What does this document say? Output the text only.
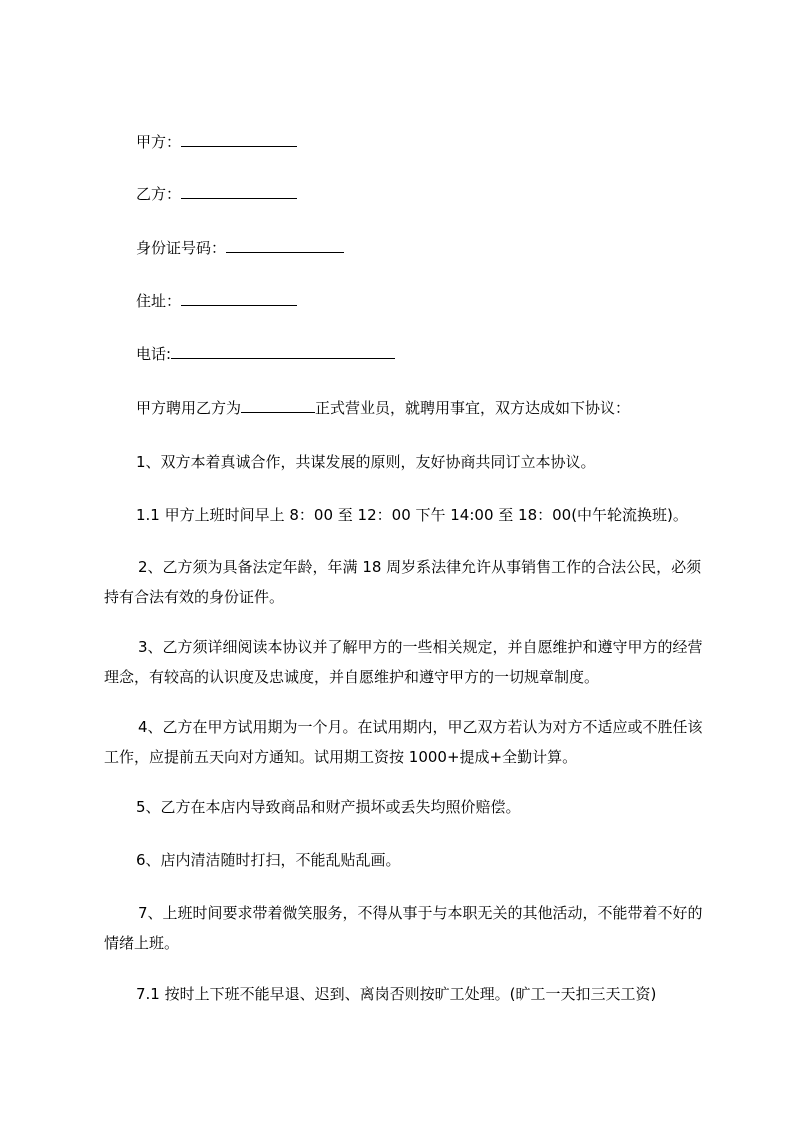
甲方：
乙方：
身份证号码：
住址：
电话:
甲方聘用乙方为	正式营业员，就聘用事宜，双方达成如下协议：
1、双方本着真诚合作，共谋发展的原则，友好协商共同订立本协议。
1.1 甲方上班时间早上 8：00 至 12：00 下午 14:00 至 18：00(中午轮流换班)。
2、乙方须为具备法定年龄，年满 18 周岁系法律允许从事销售工作的合法公民，必须持有合法有效的身份证件。
3、乙方须详细阅读本协议并了解甲方的一些相关规定，并自愿维护和遵守甲方的经营理念，有较高的认识度及忠诚度，并自愿维护和遵守甲方的一切规章制度。
4、乙方在甲方试用期为一个月。在试用期内，甲乙双方若认为对方不适应或不胜任该工作，应提前五天向对方通知。试用期工资按 1000+提成+全勤计算。
5、乙方在本店内导致商品和财产损坏或丢失均照价赔偿。
6、店内清洁随时打扫，不能乱贴乱画。
7、上班时间要求带着微笑服务，不得从事于与本职无关的其他活动，不能带着不好的情绪上班。
7.1 按时上下班不能早退、迟到、离岗否则按旷工处理。(旷工一天扣三天工资)
